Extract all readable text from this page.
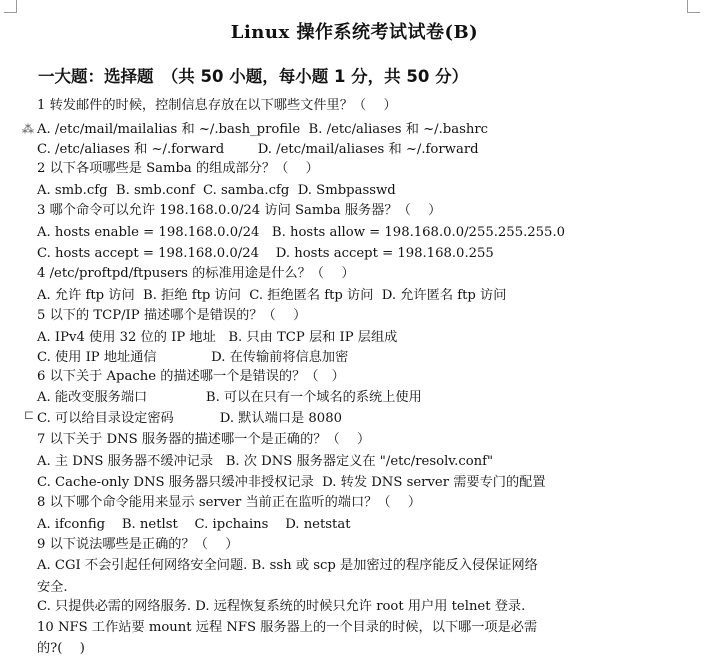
Linux 操作系统考试试卷(B)
一大题：选择题　（共 50 小题，每小题 1 分，共 50 分）
1 转发邮件的时候，控制信息存放在以下哪些文件里？（　 ）
A. /etc/mail/mailalias 和 ~/.bash_profile  B. /etc/aliases 和 ~/.bashrc
C. /etc/aliases 和 ~/.forward        D. /etc/mail/aliases 和 ~/.forward
2 以下各项哪些是 Samba 的组成部分？（　 ）
A. smb.cfg  B. smb.conf  C. samba.cfg  D. Smbpasswd
3 哪个命令可以允许 198.168.0.0/24 访问 Samba 服务器？（　 ）
A. hosts enable = 198.168.0.0/24   B. hosts allow = 198.168.0.0/255.255.255.0
C. hosts accept = 198.168.0.0/24    D. hosts accept = 198.168.0.255
4 /etc/proftpd/ftpusers 的标准用途是什么？（　 ）
A. 允许 ftp 访问  B. 拒绝 ftp 访问  C. 拒绝匿名 ftp 访问  D. 允许匿名 ftp 访问
5 以下的 TCP/IP 描述哪个是错误的？（　 ）
A. IPv4 使用 32 位的 IP 地址   B. 只由 TCP 层和 IP 层组成
C. 使用 IP 地址通信             D. 在传输前将信息加密
6 以下关于 Apache 的描述哪一个是错误的？（　）
A. 能改变服务端口              B. 可以在只有一个域名的系统上使用
C. 可以给目录设定密码           D. 默认端口是 8080
7 以下关于 DNS 服务器的描述哪一个是正确的？（　 ）
A. 主 DNS 服务器不缓冲记录   B. 次 DNS 服务器定义在 "/etc/resolv.conf"
C. Cache-only DNS 服务器只缓冲非授权记录  D. 转发 DNS server 需要专门的配置
8 以下哪个命令能用来显示 server 当前正在监听的端口？（　 ）
A. ifconfig    B. netlst    C. ipchains    D. netstat
9 以下说法哪些是正确的？（　 ）
A. CGI 不会引起任何网络安全问题. B. ssh 或 scp 是加密过的程序能反入侵保证网络
安全.
C. 只提供必需的网络服务. D. 远程恢复系统的时候只允许 root 用户用 telnet 登录.
10 NFS 工作站要 mount 远程 NFS 服务器上的一个目录的时候，以下哪一项是必需
的?(　 )
⁂
⊏
